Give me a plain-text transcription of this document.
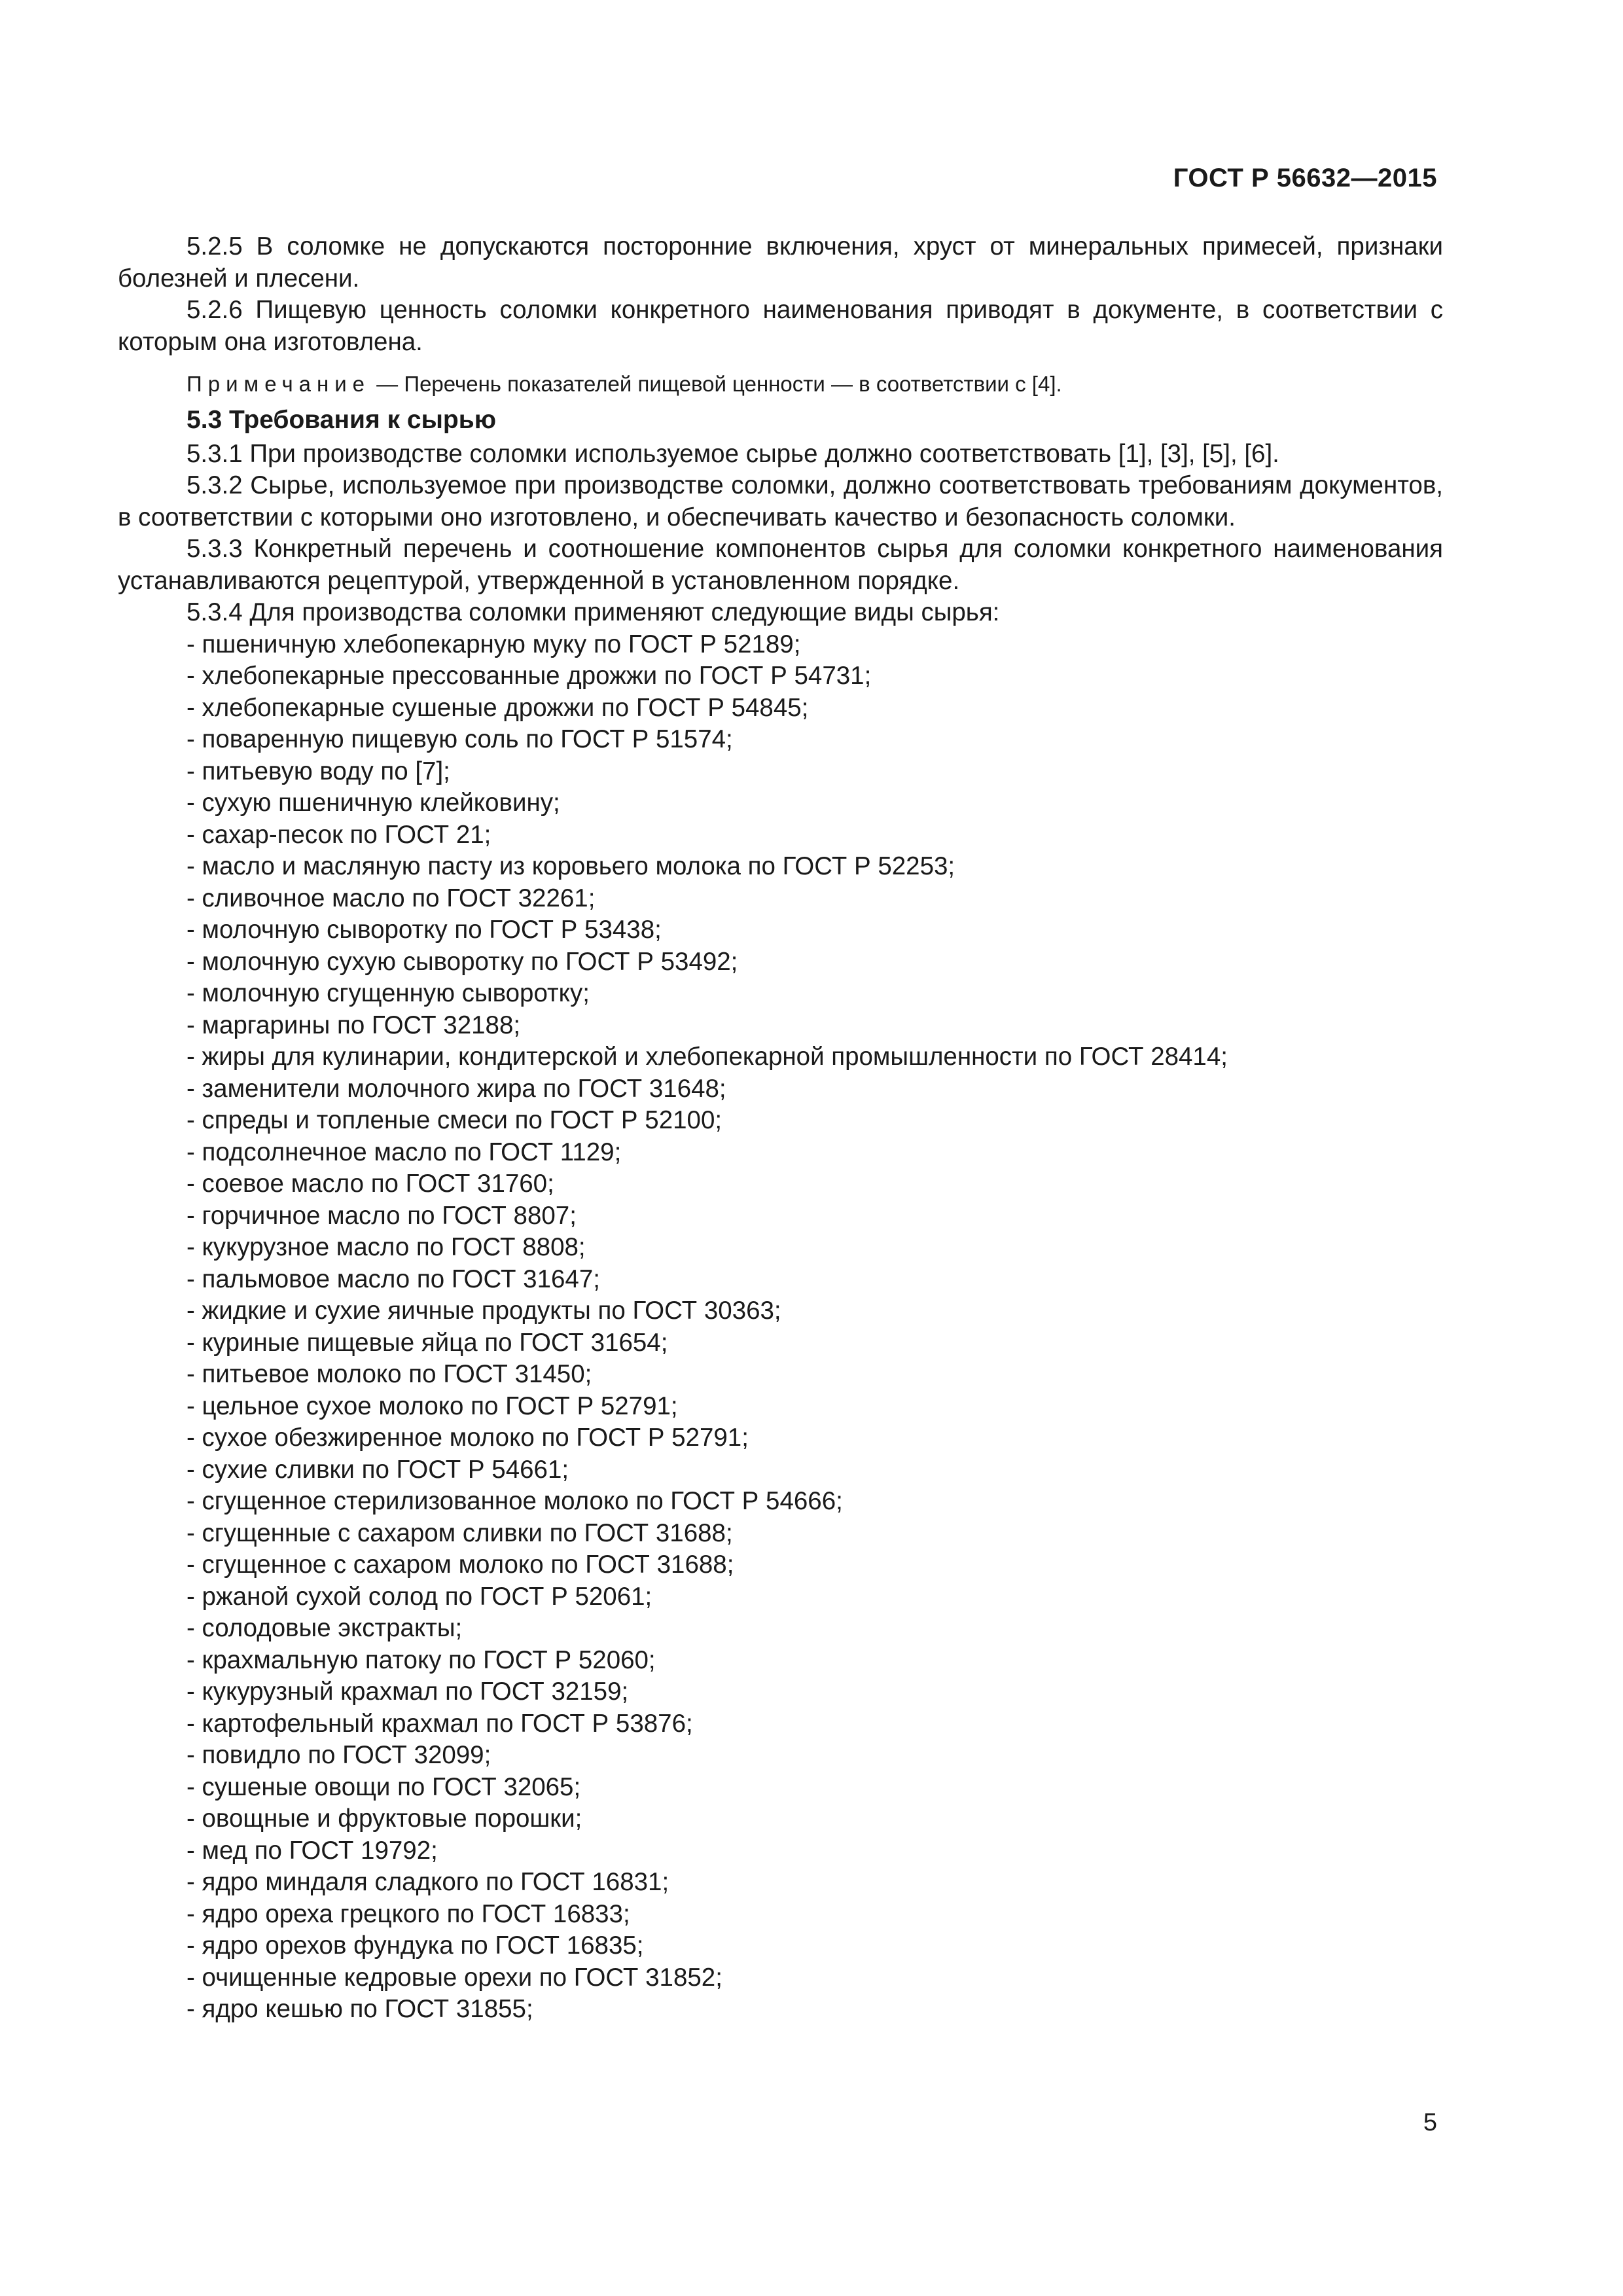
ГОСТ Р 56632—2015

5.2.5 В соломке не допускаются посторонние включения, хруст от минеральных примесей, признаки болезней и плесени.

5.2.6 Пищевую ценность соломки конкретного наименования приводят в документе, в соответствии с которым она изготовлена.

Примечание — Перечень показателей пищевой ценности — в соответствии с [4].

5.3 Требования к сырью

5.3.1 При производстве соломки используемое сырье должно соответствовать [1], [3], [5], [6].

5.3.2 Сырье, используемое при производстве соломки, должно соответствовать требованиям документов, в соответствии с которыми оно изготовлено, и обеспечивать качество и безопасность соломки.

5.3.3 Конкретный перечень и соотношение компонентов сырья для соломки конкретного наименования устанавливаются рецептурой, утвержденной в установленном порядке.

5.3.4 Для производства соломки применяют следующие виды сырья:

- пшеничную хлебопекарную муку по ГОСТ Р 52189;
- хлебопекарные прессованные дрожжи по ГОСТ Р 54731;
- хлебопекарные сушеные дрожжи по ГОСТ Р 54845;
- поваренную пищевую соль по ГОСТ Р 51574;
- питьевую воду по [7];
- сухую пшеничную клейковину;
- сахар-песок по ГОСТ 21;
- масло и масляную пасту из коровьего молока по ГОСТ Р 52253;
- сливочное масло по ГОСТ 32261;
- молочную сыворотку по ГОСТ Р 53438;
- молочную сухую сыворотку по ГОСТ Р 53492;
- молочную сгущенную сыворотку;
- маргарины по ГОСТ 32188;
- жиры для кулинарии, кондитерской и хлебопекарной промышленности по ГОСТ 28414;
- заменители молочного жира по ГОСТ 31648;
- спреды и топленые смеси по ГОСТ Р 52100;
- подсолнечное масло по ГОСТ 1129;
- соевое масло по ГОСТ 31760;
- горчичное масло по ГОСТ 8807;
- кукурузное масло по ГОСТ 8808;
- пальмовое масло по ГОСТ 31647;
- жидкие и сухие яичные продукты по ГОСТ 30363;
- куриные пищевые яйца по ГОСТ 31654;
- питьевое молоко по ГОСТ 31450;
- цельное сухое молоко по ГОСТ Р 52791;
- сухое обезжиренное молоко по ГОСТ Р 52791;
- сухие сливки по ГОСТ Р 54661;
- сгущенное стерилизованное молоко по ГОСТ Р 54666;
- сгущенные с сахаром сливки по ГОСТ 31688;
- сгущенное с сахаром молоко по ГОСТ 31688;
- ржаной сухой солод по ГОСТ Р 52061;
- солодовые экстракты;
- крахмальную патоку по ГОСТ Р 52060;
- кукурузный крахмал по ГОСТ 32159;
- картофельный крахмал по ГОСТ Р 53876;
- повидло по ГОСТ 32099;
- сушеные овощи по ГОСТ 32065;
- овощные и фруктовые порошки;
- мед по ГОСТ 19792;
- ядро миндаля сладкого по ГОСТ 16831;
- ядро ореха грецкого по ГОСТ 16833;
- ядро орехов фундука по ГОСТ 16835;
- очищенные кедровые орехи по ГОСТ 31852;
- ядро кешью по ГОСТ 31855;
5
